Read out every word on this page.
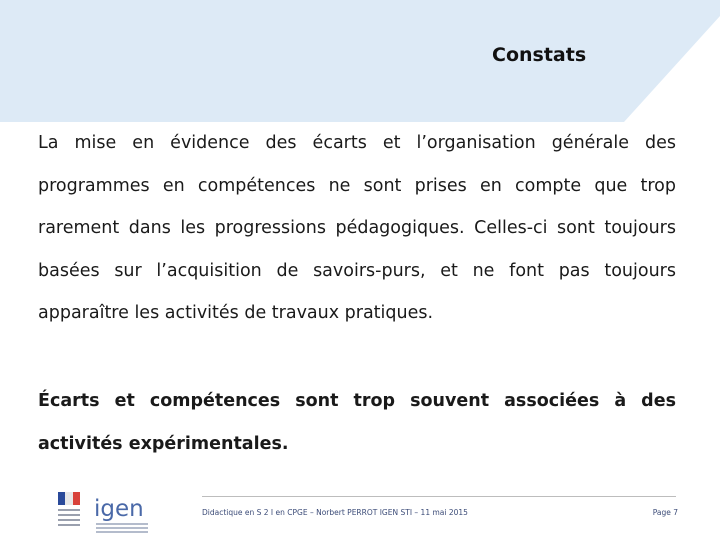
Constats
La mise en évidence des écarts et l’organisation générale des programmes en compétences ne sont prises en compte que trop rarement dans les progressions pédagogiques. Celles-ci sont toujours basées sur l’acquisition de savoirs-purs, et ne font pas toujours apparaître les activités de travaux pratiques.
Écarts et compétences sont trop souvent associées à des activités expérimentales.
igen	Didactique en S 2 I en CPGE – Norbert PERROT IGEN STI – 11 mai 2015	Page 7
